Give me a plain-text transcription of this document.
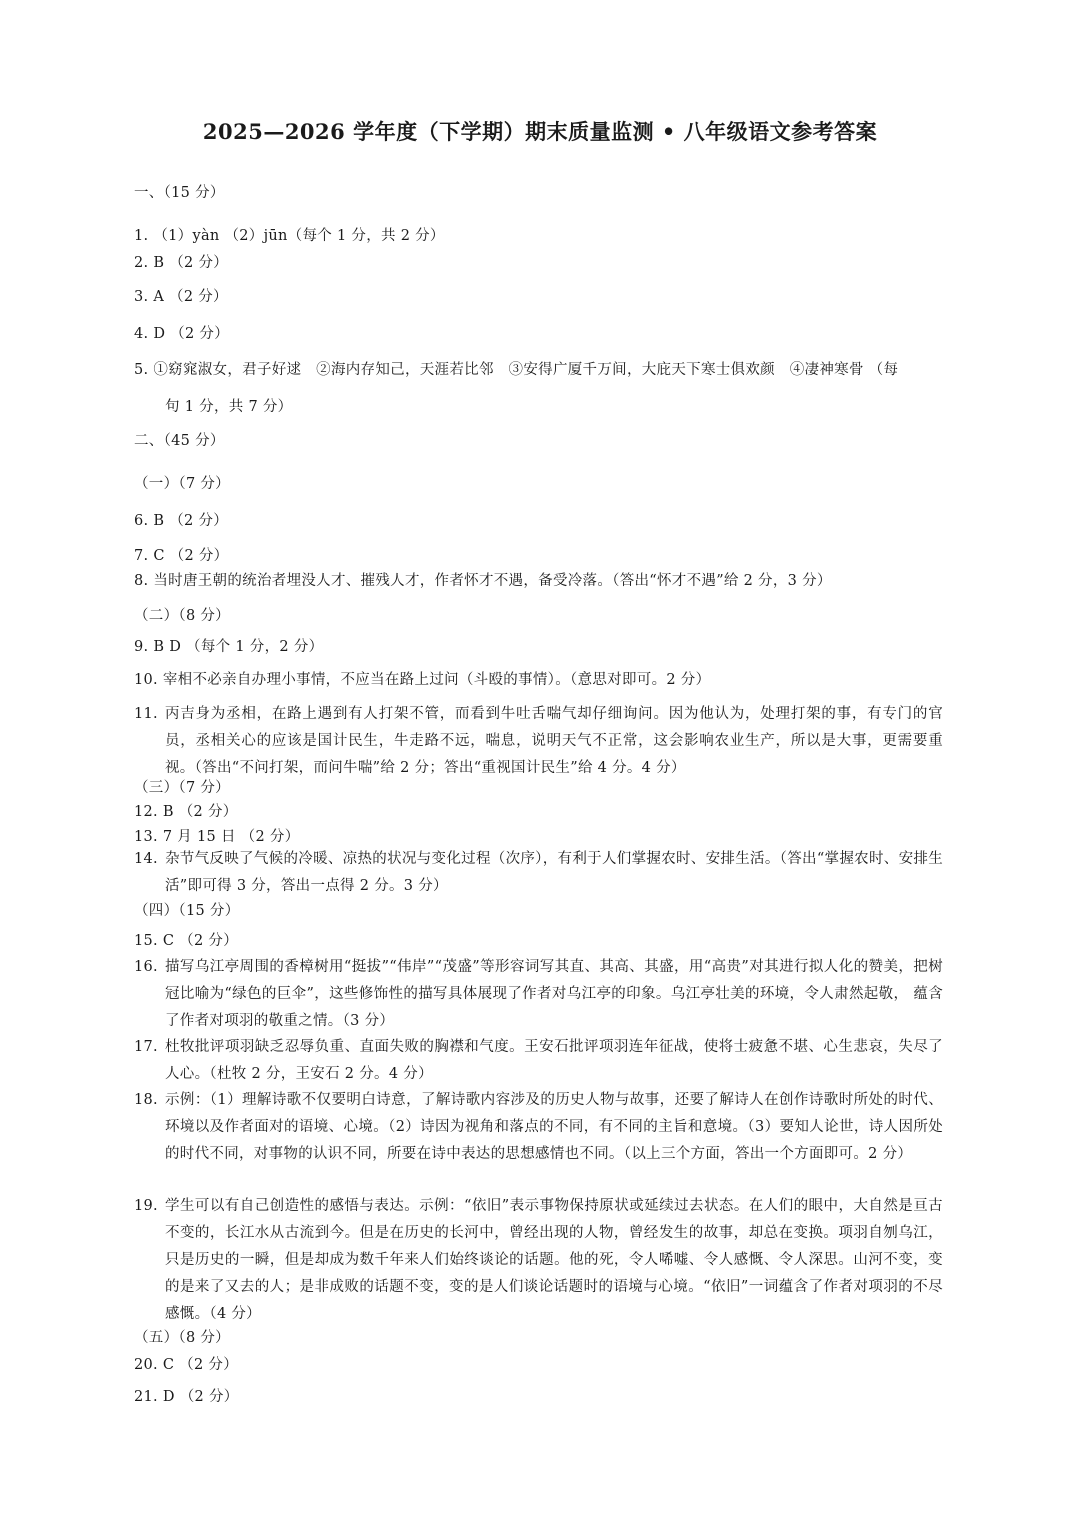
2025—2026 学年度（下学期）期末质量监测 • 八年级语文参考答案
一、（15 分）
1. （1）yàn （2）jūn（每个 1 分，共 2 分）
2. B （2 分）
3. A （2 分）
4. D （2 分）
5. ①窈窕淑女，君子好逑　②海内存知己，天涯若比邻　③安得广厦千万间，大庇天下寒士俱欢颜　④凄神寒骨 （每
句 1 分，共 7 分）
二、（45 分）
（一）（7 分）
6. B （2 分）
7. C （2 分）
8. 当时唐王朝的统治者埋没人才、摧残人才，作者怀才不遇，备受冷落。（答出“怀才不遇”给 2 分，3 分）
（二）（8 分）
9. B D （每个 1 分，2 分）
10. 宰相不必亲自办理小事情，不应当在路上过问（斗殴的事情）。（意思对即可。2 分）
11. 丙吉身为丞相，在路上遇到有人打架不管，而看到牛吐舌喘气却仔细询问。因为他认为，处理打架的事，有专门的官员，丞相关心的应该是国计民生，牛走路不远，喘息，说明天气不正常，这会影响农业生产，所以是大事，更需要重视。（答出“不问打架，而问牛喘”给 2 分；答出“重视国计民生”给 4 分。4 分）
（三）（7 分）
12. B （2 分）
13. 7 月 15 日 （2 分）
14. 杂节气反映了气候的冷暖、凉热的状况与变化过程（次序），有利于人们掌握农时、安排生活。（答出“掌握农时、安排生活”即可得 3 分，答出一点得 2 分。3 分）
（四）（15 分）
15. C （2 分）
16. 描写乌江亭周围的香樟树用“挺拔”“伟岸”“茂盛”等形容词写其直、其高、其盛，用“高贵”对其进行拟人化的赞美，把树冠比喻为“绿色的巨伞”，这些修饰性的描写具体展现了作者对乌江亭的印象。乌江亭壮美的环境，令人肃然起敬， 蕴含了作者对项羽的敬重之情。（3 分）
17. 杜牧批评项羽缺乏忍辱负重、直面失败的胸襟和气度。王安石批评项羽连年征战，使将士疲惫不堪、心生悲哀，失尽了人心。（杜牧 2 分，王安石 2 分。4 分）
18. 示例：（1）理解诗歌不仅要明白诗意，了解诗歌内容涉及的历史人物与故事，还要了解诗人在创作诗歌时所处的时代、环境以及作者面对的语境、心境。（2）诗因为视角和落点的不同，有不同的主旨和意境。（3）要知人论世，诗人因所处的时代不同，对事物的认识不同，所要在诗中表达的思想感情也不同。（以上三个方面，答出一个方面即可。2 分）
19. 学生可以有自己创造性的感悟与表达。示例：“依旧”表示事物保持原状或延续过去状态。在人们的眼中，大自然是亘古不变的，长江水从古流到今。但是在历史的长河中，曾经出现的人物，曾经发生的故事，却总在变换。项羽自刎乌江，只是历史的一瞬，但是却成为数千年来人们始终谈论的话题。他的死，令人唏嘘、令人感慨、令人深思。山河不变，变的是来了又去的人；是非成败的话题不变，变的是人们谈论话题时的语境与心境。“依旧”一词蕴含了作者对项羽的不尽感慨。（4 分）
（五）（8 分）
20. C （2 分）
21. D （2 分）
